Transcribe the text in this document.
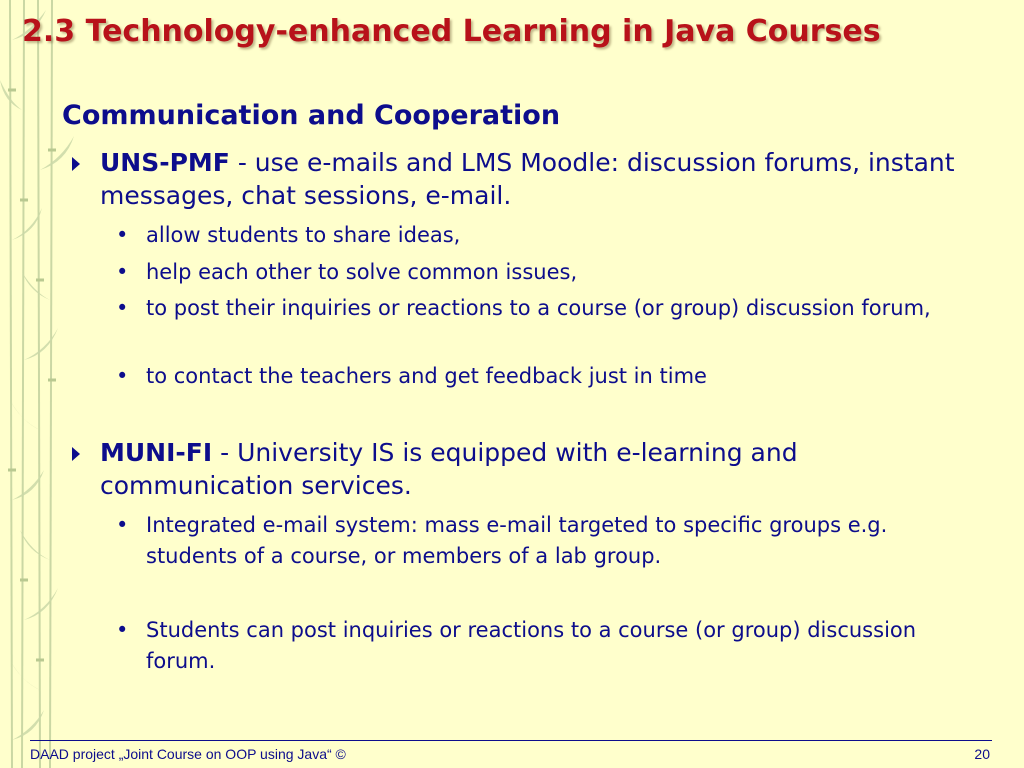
2.3 Technology-enhanced Learning in Java Courses
Communication and Cooperation
UNS-PMF - use e-mails and LMS Moodle: discussion forums, instant messages, chat sessions, e-mail.
• allow students to share ideas,
• help each other to solve common issues,
• to post their inquiries or reactions to a course (or group) discussion forum,
• to contact the teachers and get feedback just in time
MUNI-FI - University IS is equipped with e-learning and communication services.
• Integrated e-mail system: mass e-mail targeted to specific groups e.g. students of a course, or members of a lab group.
• Students can post inquiries or reactions to a course (or group) discussion forum.
DAAD project „Joint Course on OOP using Java“ ©	20
